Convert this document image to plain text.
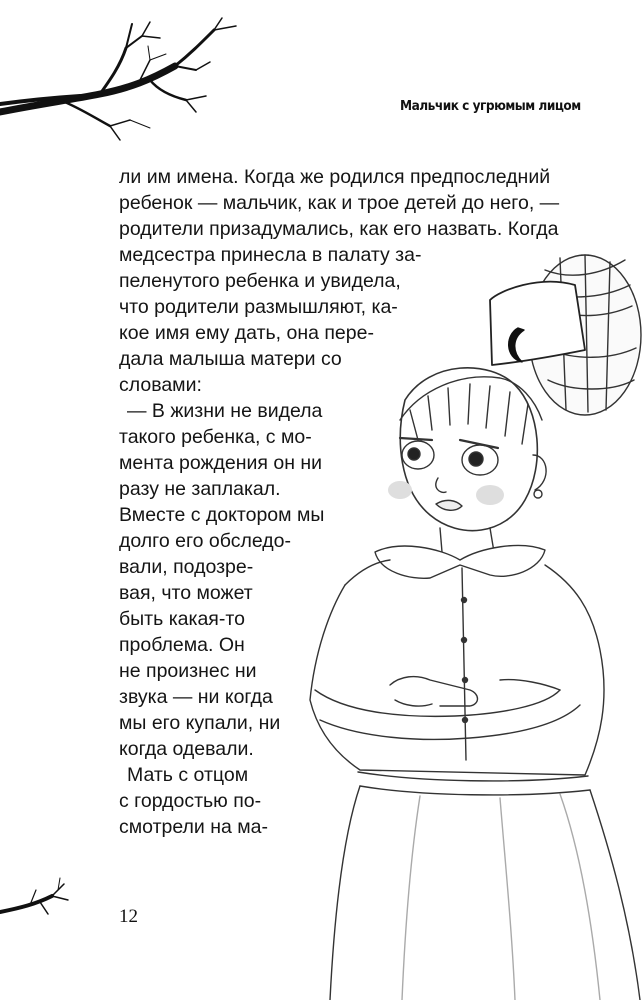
Мальчик с угрюмым лицом
ли им имена. Когда же родился предпоследний
ребенок — мальчик, как и трое детей до него, —
родители призадумались, как его назвать. Когда
медсестра принесла в палату за-
пеленутого ребенка и увидела,
что родители размышляют, ка-
кое имя ему дать, она пере-
дала малыша матери со
словами:
— В жизни не видела
такого ребенка, с мо-
мента рождения он ни
разу не заплакал.
Вместе с доктором мы
долго его обследо-
вали, подозре-
вая, что может
быть какая-то
проблема. Он
не произнес ни
звука — ни когда
мы его купали, ни
когда одевали.
Мать с отцом
с гордостью по-
смотрели на ма-
12
